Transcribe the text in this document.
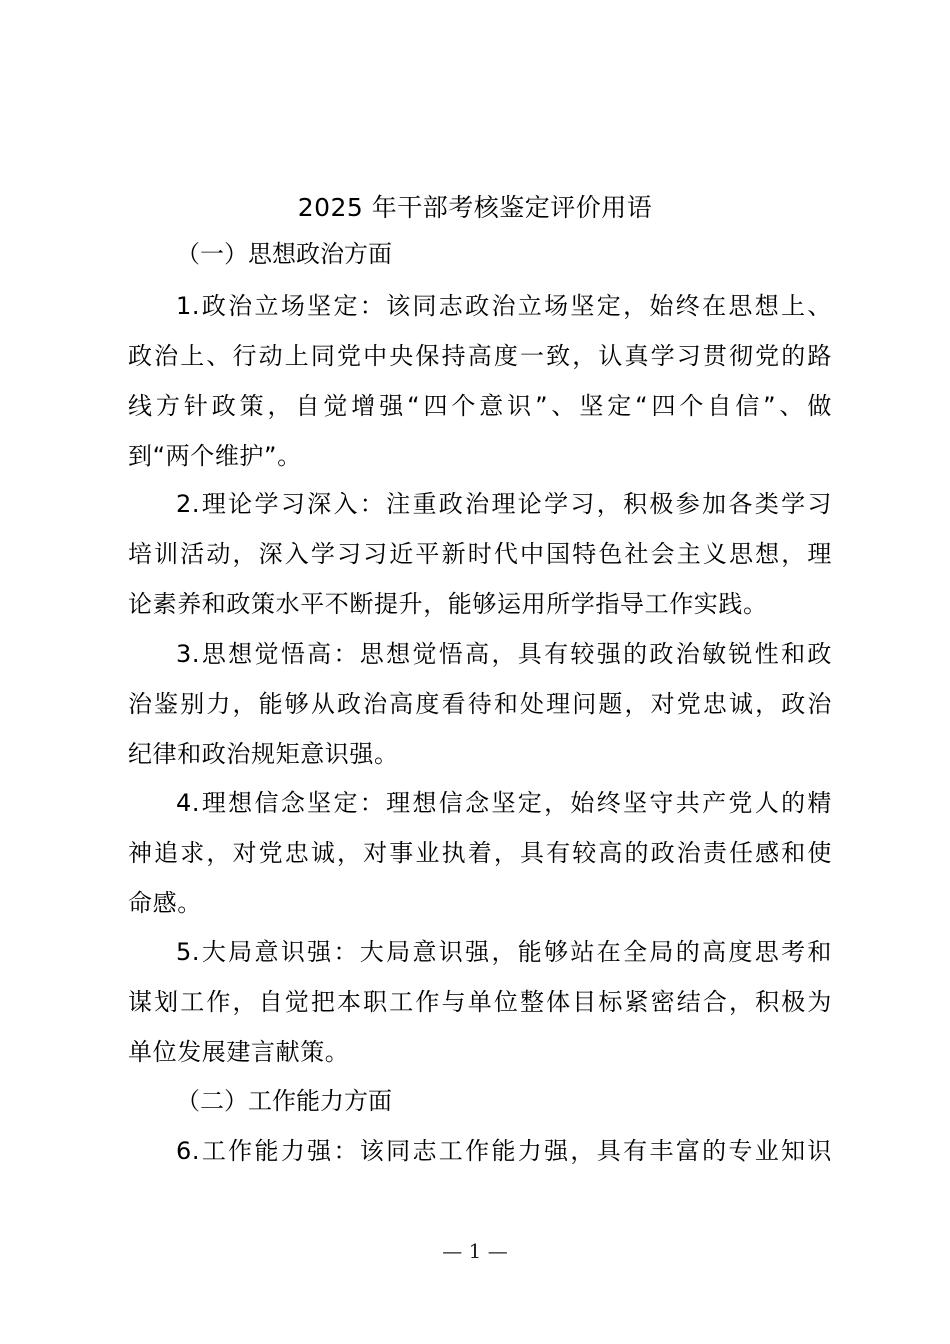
2025 年干部考核鉴定评价用语
（一）思想政治方面
1.政治立场坚定：该同志政治立场坚定，始终在思想上、
政治上、行动上同党中央保持高度一致，认真学习贯彻党的路
线方针政策，自觉增强“四个意识”、坚定“四个自信”、做
到“两个维护”。
2.理论学习深入：注重政治理论学习，积极参加各类学习
培训活动，深入学习习近平新时代中国特色社会主义思想，理
论素养和政策水平不断提升，能够运用所学指导工作实践。
3.思想觉悟高：思想觉悟高，具有较强的政治敏锐性和政
治鉴别力，能够从政治高度看待和处理问题，对党忠诚，政治
纪律和政治规矩意识强。
4.理想信念坚定：理想信念坚定，始终坚守共产党人的精
神追求，对党忠诚，对事业执着，具有较高的政治责任感和使
命感。
5.大局意识强：大局意识强，能够站在全局的高度思考和
谋划工作，自觉把本职工作与单位整体目标紧密结合，积极为
单位发展建言献策。
（二）工作能力方面
6.工作能力强：该同志工作能力强，具有丰富的专业知识

— 1 —
